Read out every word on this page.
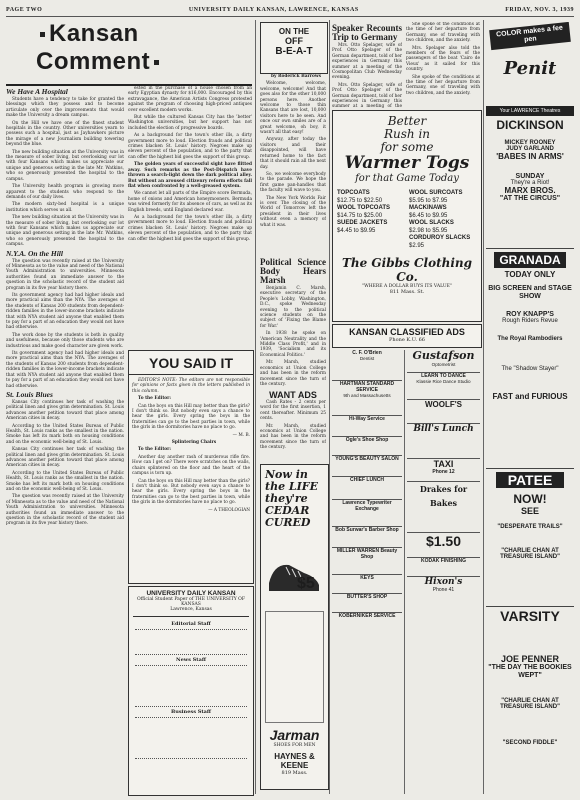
PAGE TWO	UNIVERSITY DAILY KANSAN, LAWRENCE, KANSAS	FRIDAY, NOV. 3, 1939
Kansan Comment
We Have A Hospital

Students have a tendency to take for granted the blessings which they possess and to become articulate only over the improvements that would make the University a dream campus.

On the Hill we have one of the finest student hospitals in the country. Other universities yearn to possess such a hospital, just as Jayhawkers picture the mirage of a new Journalism building towering beyond the blue.

The new building situation at the University was in the measure of sober living, but overlooking our lot with four Kansans which makes us appreciate our unique and generous setting in the late Mr. Watkins, who so generously presented the hospital to the campus.

The University health program is growing more apparent to the students who respond to the demands of our daily lives.

The modern sixty-bed hospital is a unique institution which serves us all.

The new building situation at the University was in the measure of sober living, but overlooking our lot with four Kansans which makes us appreciate our unique and generous setting in the late Mr. Watkins, who so generously presented the hospital to the campus.

N.Y.A. On the Hill

The question was recently raised at the University of Minnesota as to the value and need of the National Youth Administration to universities. Minnesota authorities found an immediate answer to the question in the scholastic record of the student aid program in its five year history there.

Its government agency had had higher ideals and more practical aims than the NYA. The averages of the students of Kansas 200 students from dependent-ridden families in the lower-income brackets indicate that with NYA student aid anyone that enabled them to pay for a part of an education they would not have had otherwise.

The work done by the students is both in quality and usefulness, because only those students who are industrious and make good character are given work.

Its government agency had had higher ideals and more practical aims than the NYA. The averages of the students of Kansas 200 students from dependent-ridden families in the lower-income brackets indicate that with NYA student aid anyone that enabled them to pay for a part of an education they would not have had otherwise.

St. Louis Blues

Kansas City continues her task of washing the political linen and gives grim determination. St. Louis advances another petition toward that place among American cities in decay.

According to the United States Bureau of Public Health, St. Louis ranks as the smallest in the nation. Smoke has left its mark both on housing conditions and on the economic well-being of St. Louis.

Kansas City continues her task of washing the political linen and gives grim determination. St. Louis advances another petition toward that place among American cities in decay.

According to the United States Bureau of Public Health, St. Louis ranks as the smallest in the nation. Smoke has left its mark both on housing conditions and on the economic well-being of St. Louis.

The question was recently raised at the University of Minnesota as to the value and need of the National Youth Administration to universities. Minnesota authorities found an immediate answer to the question in the scholastic record of the student aid program in its five year history there.

ested in the purchase of a house chosen from an early Egyptian dynasty for $16,000. Encouraged by this extravagance, the American Artists Congress protested against the program of choosing high-priced antiques over excellent modern works.

But while the cultured Kansas City has the 'better' Washington universities, but her support has not included the election of progressive boards.

As a background for the town's other ills, a dirty government more to loud. Election frauds and political crimes blacken St. Louis' history. Negroes make up eleven percent of the population, and to the party that can offer the highest bid goes the support of this group.

The golden years of successful sight have flitted away. Such remarks as the Post-Dispatch have thrown a search-light down the dark political alley. But without an aroused citizenry reform efforts fall flat when confronted by a well-greased system.

We cannot let all parts of the Empire score Bermuda, home of onions and American honeymooners. Bermuda was wired formerly for its absence of cars, as well as its English breeds, until England declared war.

As a background for the town's other ills, a dirty government more to loud. Election frauds and political crimes blacken St. Louis' history. Negroes make up eleven percent of the population, and to the party that can offer the highest bid goes the support of this group.

YOU SAID IT

EDITOR'S NOTE: The editors are not responsible for opinions or facts given in the letters published in this column.

To the Editor:

Can the boys on this Hill may better than the girls? I don't think so. But nobody even says a chance to hear the girls. Every spring the boys in the fraternities can go to the best parties in town, while the girls in the dormitories have no place to go.

— M. B.

Splintering Chairs

To the Editor:

Another day another rash of murderous rifle fire. How can I get on? There were scratches on the walls, chairs splintered on the floor and the heart of the campus is torn up.

Can the boys on this Hill may better than the girls? I don't think so. But nobody even says a chance to hear the girls. Every spring the boys in the fraternities can go to the best parties in town, while the girls in the dormitories have no place to go.

— A THEOLOGIAN

UNIVERSITY DAILY KANSAN
Official Student Paper of THE UNIVERSITY OF KANSAS
Lawrence, Kansas
Editorial Staff
News Staff
Business Staff
ON THE
OFF
B-E-A-T

by Roderick Barrows

Welcome, welcome, welcome, welcome! And that goes also for the other 10,000 persons here. Another welcome to those thin Kansans that are lost, 10,000 visitors here to be seen. And once our own smiles are of a great welcome, oh boy, it wasn't all that easy!

Anyway, after today the visitors and their disappointed, will have returned home to the fact that it should rain all the next day.

So, we welcome everybody to the parade. We hope the first game pan-handles that the faculty will wave to you.

The New York Worlds Fair is over. The closing of the World of Tomorrow left the president in their lives without even a memory of what it was.

Political Science Body Hears Marsh

Benjamin C. Marsh, executive secretary of the People's Lobby, Washington, D.C., spoke Wednesday evening to the political science students on the subject of 'Fixing the Blame for War.'

In 1938 he spoke on 'American Neutrality and the Middle Class Profit,' and in 1939, 'Socialism and its Economical Politics.'

Mr. Marsh, studied economics at Union College and has been in the reform movement since the turn of the century.

WANT ADS

Cash Rates - 2 cents per word for the first insertion, 1 cent thereafter. Minimum 25 cents.

Mr. Marsh, studied economics at Union College and has been in the reform movement since the turn of the century.

Now in the LIFE they're CEDAR CURED
$5
Jarman
SHOES FOR MEN
HAYNES & KEENE
819 Mass.
Speaker Recounts Trip to Germany

Mrs. Otto Spelager, wife of Prof. Otto Spelager of the German department, told of her experiences in Germany this summer at a meeting of the Cosmopolitan Club Wednesday evening.

Mrs. Otto Spelager, wife of Prof. Otto Spelager of the German department, told of her experiences in Germany this summer at a meeting of the

She spoke of the conditions at the time of her departure from Germany, one of traveling with two children, and the anxiety.

Mrs. Spelager also told the members of the fears of the passengers of the boat 'Cairo de Vieux' as it sailed for this country.

She spoke of the conditions at the time of her departure from Germany, one of traveling with two children, and the anxiety.

Better
Rush in
for some
Warmer Togs
for that Game Today
TOPCOATS
$12.75 to $22.50
WOOL TOPCOATS
$14.75 to $25.00
SUEDE JACKETS
$4.45 to $9.95
WOOL SURCOATS
$5.95 to $7.95
MACKINAWS
$6.45 to $9.95
WOOL SLACKS
$2.98 to $5.95
CORDUROY SLACKS
$2.95
The Gibbs Clothing Co.
"WHERE A DOLLAR BUYS ITS VALUE"
811 Mass. St.
KANSAN CLASSIFIED ADS
Phone K.U. 66
C. F. O'Brien
Dentist
HARTMAN STANDARD SERVICE
9th and Massachusetts
Hi-Way Service
Ogle's Shoe Shop
YOUNG'S BEAUTY SALON
CHIEF LUNCH
Lawrence Typewriter Exchange
Bob Surwar's Barber Shop
MILLER WARREN Beauty Shop
KEYS
BUTTER'S SHOP
KOBERNIKER SERVICE
Gustafson
Optometrist
LEARN TO DANCE
Klassie Rice Dance Studio
WOOLF'S
Bill's Lunch
TAXI
Phone 12
Drakes for Bakes
$1.50
KODAK FINISHING
Hixon's
Phone 41
COLOR makes a fee pen
Penit
Your LAWRENCE Theatres
DICKINSON
MICKEY ROONEY
JUDY GARLAND
'BABES IN ARMS'
SUNDAY
They're a Riot!
MARX BROS.
"AT THE CIRCUS"
GRANADA
TODAY ONLY
BIG SCREEN and STAGE SHOW
ROY KNAPP'S
Rough Riders Revue
The Royal Rambodiers
The "Shadow Stayer"
FAST and FURIOUS
PATEE
NOW!
SEE
"DESPERATE TRAILS"
"CHARLIE CHAN AT TREASURE ISLAND"
VARSITY
JOE PENNER
"THE DAY THE BOOKIES WEPT"
"CHARLIE CHAN AT TREASURE ISLAND"
"SECOND FIDDLE"
